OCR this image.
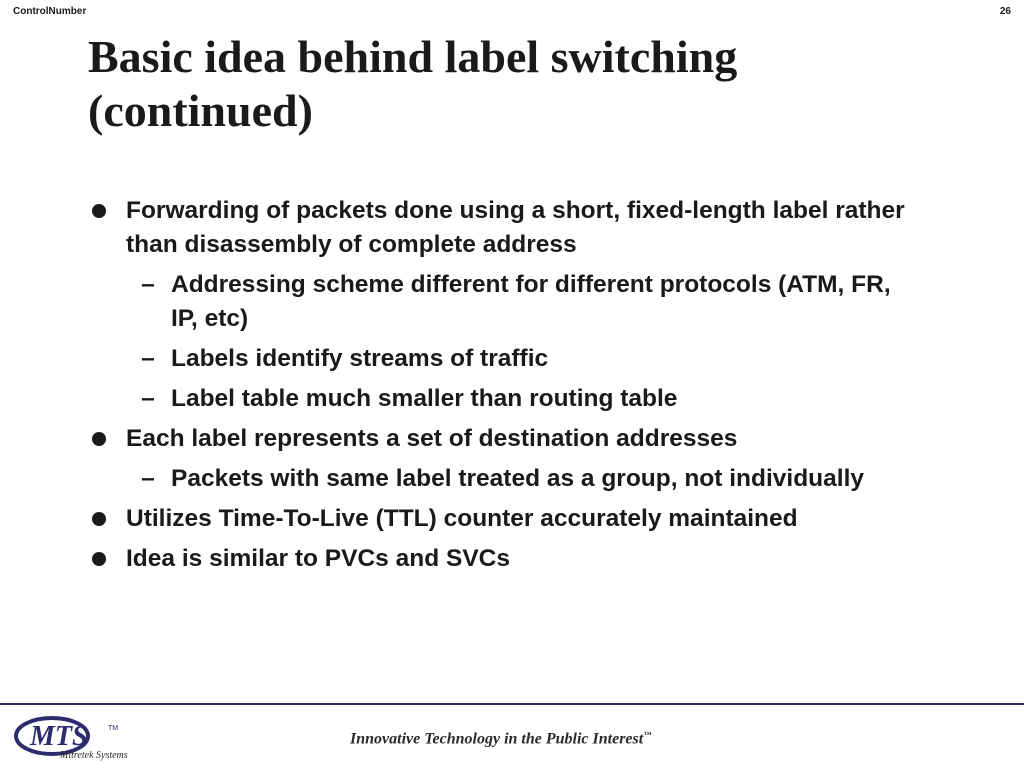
ControlNumber	26
Basic idea behind label switching
(continued)
Forwarding of packets done using a short, fixed-length label rather than disassembly of complete address
– Addressing scheme different for different protocols (ATM, FR, IP, etc)
– Labels identify streams of traffic
– Label table much smaller than routing table
Each label represents a set of destination addresses
– Packets with same label treated as a group, not individually
Utilizes Time-To-Live (TTL) counter accurately maintained
Idea is similar to PVCs and SVCs
MTS	TM
Mitretek Systems
Innovative Technology in the Public Interest™
